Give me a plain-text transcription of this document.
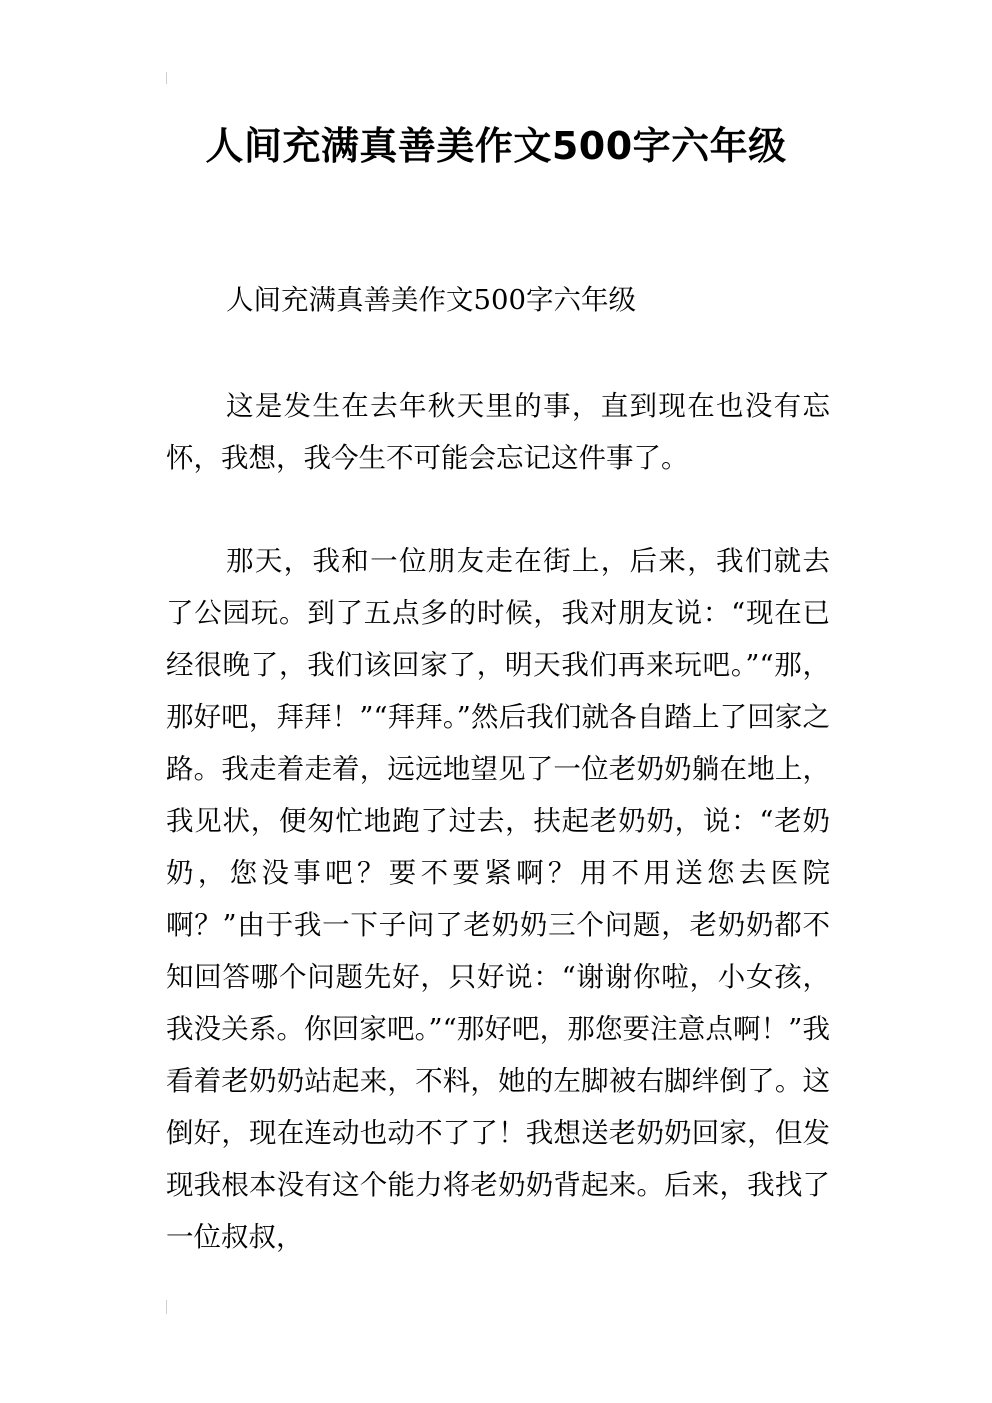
人间充满真善美作文500字六年级

人间充满真善美作文500字六年级

这是发生在去年秋天里的事，直到现在也没有忘怀，我想，我今生不可能会忘记这件事了。

那天，我和一位朋友走在街上，后来，我们就去了公园玩。到了五点多的时候，我对朋友说：“现在已经很晚了，我们该回家了，明天我们再来玩吧。”“那，那好吧，拜拜！”“拜拜。”然后我们就各自踏上了回家之路。我走着走着，远远地望见了一位老奶奶躺在地上，我见状，便匆忙地跑了过去，扶起老奶奶，说：“老奶奶，您没事吧？要不要紧啊？用不用送您去医院啊？”由于我一下子问了老奶奶三个问题，老奶奶都不知回答哪个问题先好，只好说：“谢谢你啦，小女孩，我没关系。你回家吧。”“那好吧，那您要注意点啊！”我看着老奶奶站起来，不料，她的左脚被右脚绊倒了。这倒好，现在连动也动不了了！我想送老奶奶回家，但发现我根本没有这个能力将老奶奶背起来。后来，我找了一位叔叔，
